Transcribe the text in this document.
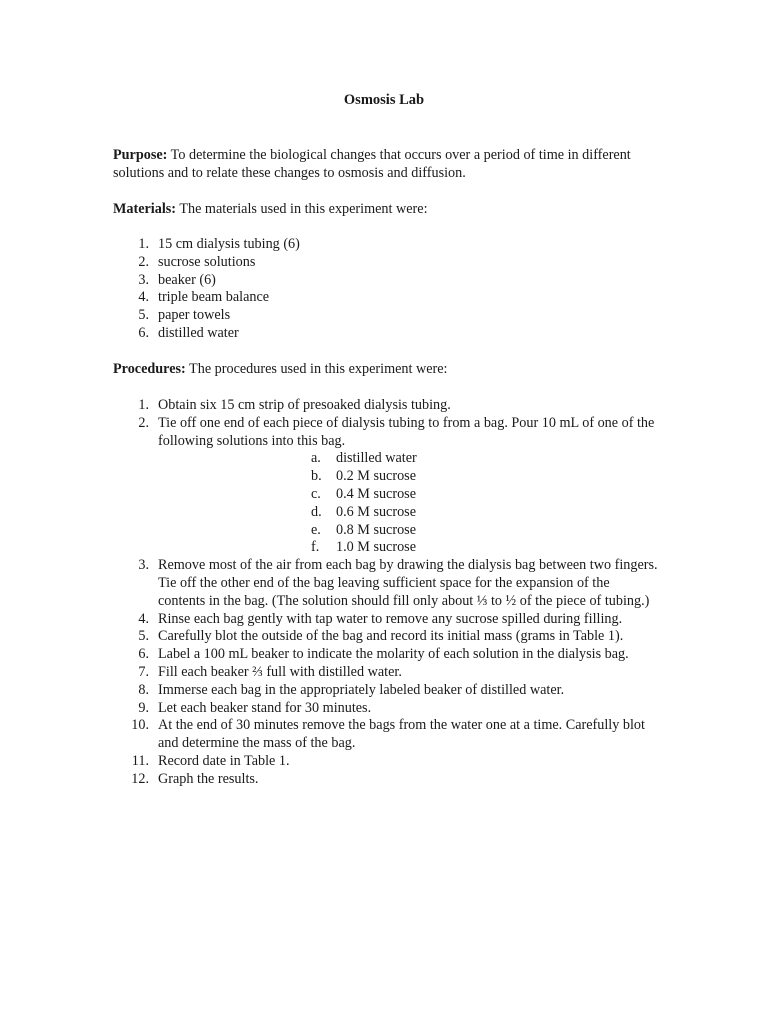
Osmosis Lab
Purpose: To determine the biological changes that occurs over a period of time in different solutions and to relate these changes to osmosis and diffusion.
Materials: The materials used in this experiment were:
1. 15 cm dialysis tubing (6)
2. sucrose solutions
3. beaker (6)
4. triple beam balance
5. paper towels
6. distilled water
Procedures: The procedures used in this experiment were:
1. Obtain six 15 cm strip of presoaked dialysis tubing.
2. Tie off one end of each piece of dialysis tubing to from a bag. Pour 10 mL of one of the following solutions into this bag.
a. distilled water
b. 0.2 M sucrose
c. 0.4 M sucrose
d. 0.6 M sucrose
e. 0.8 M sucrose
f.	1.0 M sucrose
3. Remove most of the air from each bag by drawing the dialysis bag between two fingers. Tie off the other end of the bag leaving sufficient space for the expansion of the contents in the bag. (The solution should fill only about ⅓ to ½ of the piece of tubing.)
4. Rinse each bag gently with tap water to remove any sucrose spilled during filling.
5. Carefully blot the outside of the bag and record its initial mass (grams in Table 1).
6. Label a 100 mL beaker to indicate the molarity of each solution in the dialysis bag.
7. Fill each beaker ⅔ full with distilled water.
8. Immerse each bag in the appropriately labeled beaker of distilled water.
9. Let each beaker stand for 30 minutes.
10. At the end of 30 minutes remove the bags from the water one at a time. Carefully blot and determine the mass of the bag.
11. Record date in Table 1.
12. Graph the results.
